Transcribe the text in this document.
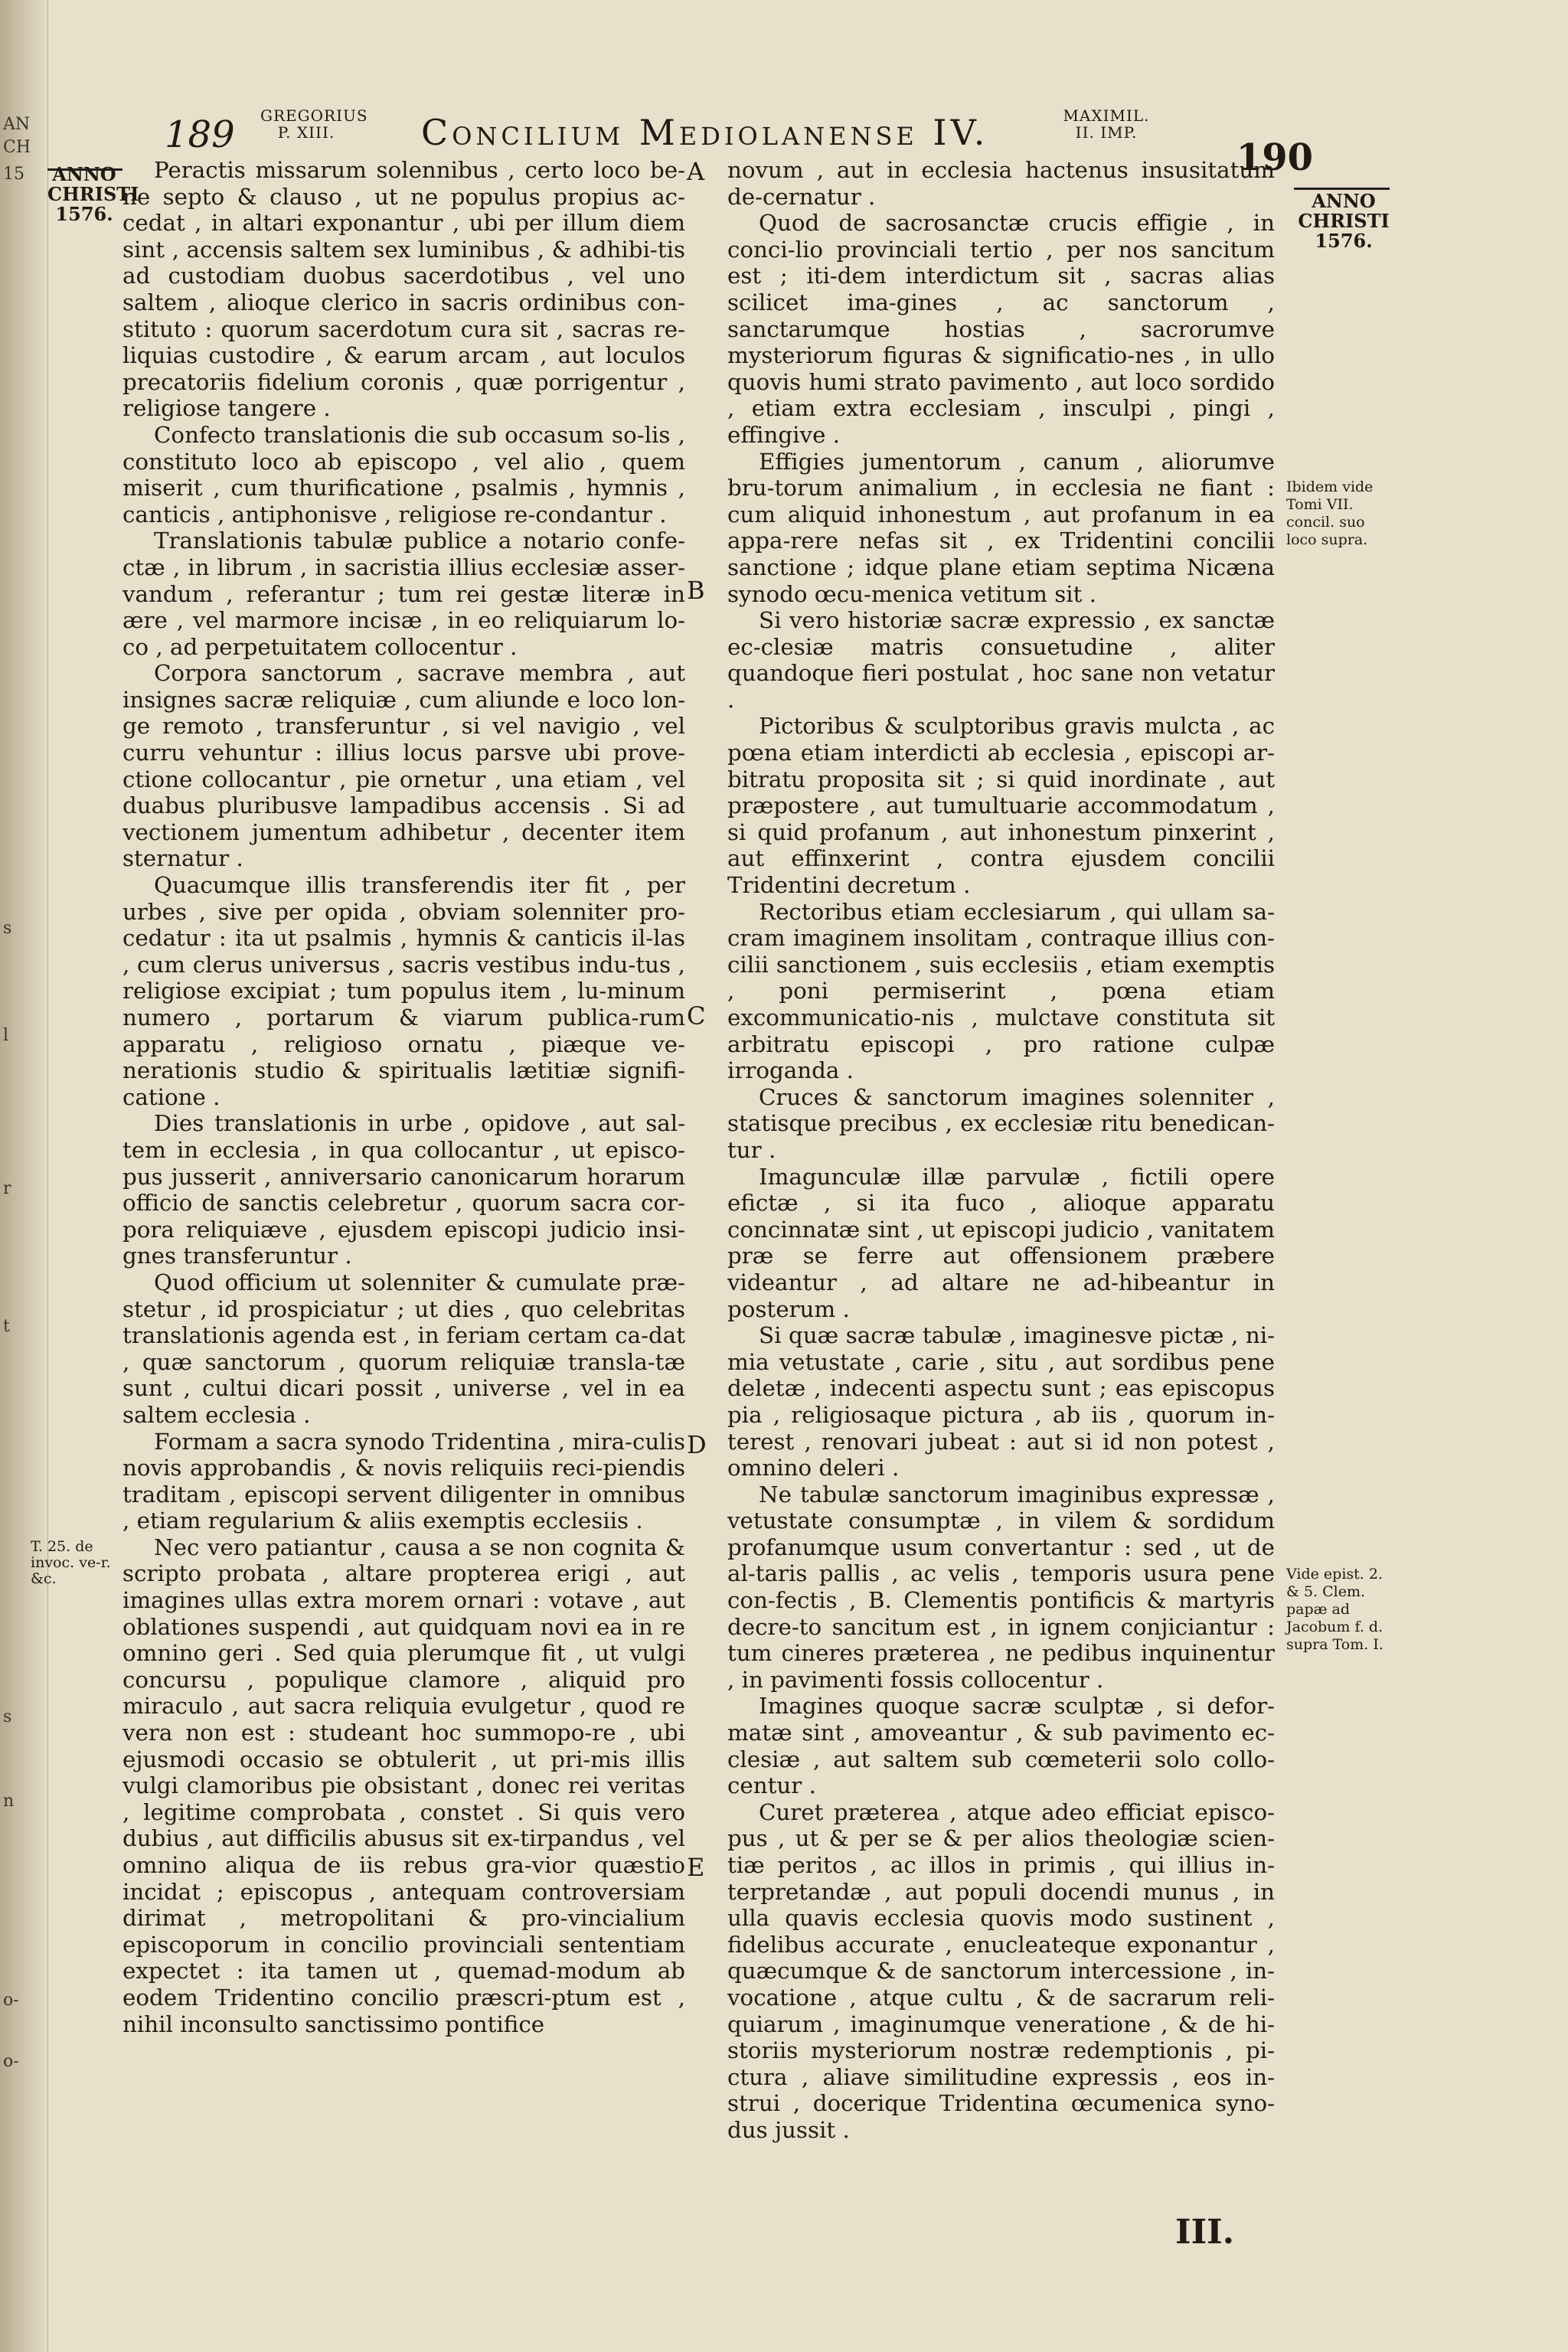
AN
CH
15
s
l
r
t
s
n
o-
o-
189 GREGORIUS P. XIII.	Concilium Mediolanense IV.	MAXIMIL. II. IMP.
190
ANNO CHRISTI 1576.
ANNO CHRISTI 1576.
T. 25. de invoc. ve-r. &c.
Ibidem vide Tomi VII. concil. suo loco supra.
Vide epist. 2. & 5. Clem. papæ ad Jacobum f. d. supra Tom. I.
A
B
C
D
E

Peractis missarum solennibus , certo loco be-ne septo & clauso , ut ne populus propius ac-cedat , in altari exponantur , ubi per illum diem sint , accensis saltem sex luminibus , & adhibi-tis ad custodiam duobus sacerdotibus , vel uno saltem , alioque clerico in sacris ordinibus con-stituto : quorum sacerdotum cura sit , sacras re-liquias custodire , & earum arcam , aut loculos precatoriis fidelium coronis , quæ porrigentur , religiose tangere .

Confecto translationis die sub occasum so-lis , constituto loco ab episcopo , vel alio , quem miserit , cum thurificatione , psalmis , hymnis , canticis , antiphonisve , religiose re-condantur .

Translationis tabulæ publice a notario confe-ctæ , in librum , in sacristia illius ecclesiæ asser-vandum , referantur ; tum rei gestæ literæ in ære , vel marmore incisæ , in eo reliquiarum lo-co , ad perpetuitatem collocentur .

Corpora sanctorum , sacrave membra , aut insignes sacræ reliquiæ , cum aliunde e loco lon-ge remoto , transferuntur , si vel navigio , vel curru vehuntur : illius locus parsve ubi prove-ctione collocantur , pie ornetur , una etiam , vel duabus pluribusve lampadibus accensis . Si ad vectionem jumentum adhibetur , decenter item sternatur .

Quacumque illis transferendis iter fit , per urbes , sive per opida , obviam solenniter pro-cedatur : ita ut psalmis , hymnis & canticis il-las , cum clerus universus , sacris vestibus indu-tus , religiose excipiat ; tum populus item , lu-minum numero , portarum & viarum publica-rum apparatu , religioso ornatu , piæque ve-nerationis studio & spiritualis lætitiæ signifi-catione .

Dies translationis in urbe , opidove , aut sal-tem in ecclesia , in qua collocantur , ut episco-pus jusserit , anniversario canonicarum horarum officio de sanctis celebretur , quorum sacra cor-pora reliquiæve , ejusdem episcopi judicio insi-gnes transferuntur .

Quod officium ut solenniter & cumulate præ-stetur , id prospiciatur ; ut dies , quo celebritas translationis agenda est , in feriam certam ca-dat , quæ sanctorum , quorum reliquiæ transla-tæ sunt , cultui dicari possit , universe , vel in ea saltem ecclesia .

Formam a sacra synodo Tridentina , mira-culis novis approbandis , & novis reliquiis reci-piendis traditam , episcopi servent diligenter in omnibus , etiam regularium & aliis exemptis ecclesiis .

Nec vero patiantur , causa a se non cognita & scripto probata , altare propterea erigi , aut imagines ullas extra morem ornari : votave , aut oblationes suspendi , aut quidquam novi ea in re omnino geri . Sed quia plerumque fit , ut vulgi concursu , populique clamore , aliquid pro miraculo , aut sacra reliquia evulgetur , quod re vera non est : studeant hoc summopo-re , ubi ejusmodi occasio se obtulerit , ut pri-mis illis vulgi clamoribus pie obsistant , donec rei veritas , legitime comprobata , constet . Si quis vero dubius , aut difficilis abusus sit ex-tirpandus , vel omnino aliqua de iis rebus gra-vior quæstio incidat ; episcopus , antequam controversiam dirimat , metropolitani & pro-vincialium episcoporum in concilio provinciali sententiam expectet : ita tamen ut , quemad-modum ab eodem Tridentino concilio præscri-ptum est , nihil inconsulto sanctissimo pontifice

novum , aut in ecclesia hactenus insusitatum de-cernatur .

Quod de sacrosanctæ crucis effigie , in conci-lio provinciali tertio , per nos sancitum est ; iti-dem interdictum sit , sacras alias scilicet ima-gines , ac sanctorum , sanctarumque hostias , sacrorumve mysteriorum figuras & significatio-nes , in ullo quovis humi strato pavimento , aut loco sordido , etiam extra ecclesiam , insculpi , pingi , effingive .

Effigies jumentorum , canum , aliorumve bru-torum animalium , in ecclesia ne fiant : cum aliquid inhonestum , aut profanum in ea appa-rere nefas sit , ex Tridentini concilii sanctione ; idque plane etiam septima Nicæna synodo œcu-menica vetitum sit .

Si vero historiæ sacræ expressio , ex sanctæ ec-clesiæ matris consuetudine , aliter quandoque fieri postulat , hoc sane non vetatur .

Pictoribus & sculptoribus gravis mulcta , ac pœna etiam interdicti ab ecclesia , episcopi ar-bitratu proposita sit ; si quid inordinate , aut præpostere , aut tumultuarie accommodatum , si quid profanum , aut inhonestum pinxerint , aut effinxerint , contra ejusdem concilii Tridentini decretum .

Rectoribus etiam ecclesiarum , qui ullam sa-cram imaginem insolitam , contraque illius con-cilii sanctionem , suis ecclesiis , etiam exemptis , poni permiserint , pœna etiam excommunicatio-nis , mulctave constituta sit arbitratu episcopi , pro ratione culpæ irroganda .

Cruces & sanctorum imagines solenniter , statisque precibus , ex ecclesiæ ritu benedican-tur .

Imagunculæ illæ parvulæ , fictili opere efictæ , si ita fuco , alioque apparatu concinnatæ sint , ut episcopi judicio , vanitatem præ se ferre aut offensionem præbere videantur , ad altare ne ad-hibeantur in posterum .

Si quæ sacræ tabulæ , imaginesve pictæ , ni-mia vetustate , carie , situ , aut sordibus pene deletæ , indecenti aspectu sunt ; eas episcopus pia , religiosaque pictura , ab iis , quorum in-terest , renovari jubeat : aut si id non potest , omnino deleri .

Ne tabulæ sanctorum imaginibus expressæ , vetustate consumptæ , in vilem & sordidum profanumque usum convertantur : sed , ut de al-taris pallis , ac velis , temporis usura pene con-fectis , B. Clementis pontificis & martyris decre-to sancitum est , in ignem conjiciantur : tum cineres præterea , ne pedibus inquinentur , in pavimenti fossis collocentur .

Imagines quoque sacræ sculptæ , si defor-matæ sint , amoveantur , & sub pavimento ec-clesiæ , aut saltem sub cœmeterii solo collo-centur .

Curet præterea , atque adeo efficiat episco-pus , ut & per se & per alios theologiæ scien-tiæ peritos , ac illos in primis , qui illius in-terpretandæ , aut populi docendi munus , in ulla quavis ecclesia quovis modo sustinent , fidelibus accurate , enucleateque exponantur , quæcumque & de sanctorum intercessione , in-vocatione , atque cultu , & de sacrarum reli-quiarum , imaginumque veneratione , & de hi-storiis mysteriorum nostræ redemptionis , pi-ctura , aliave similitudine expressis , eos in-strui , docerique Tridentina œcumenica syno-dus jussit .

III.
